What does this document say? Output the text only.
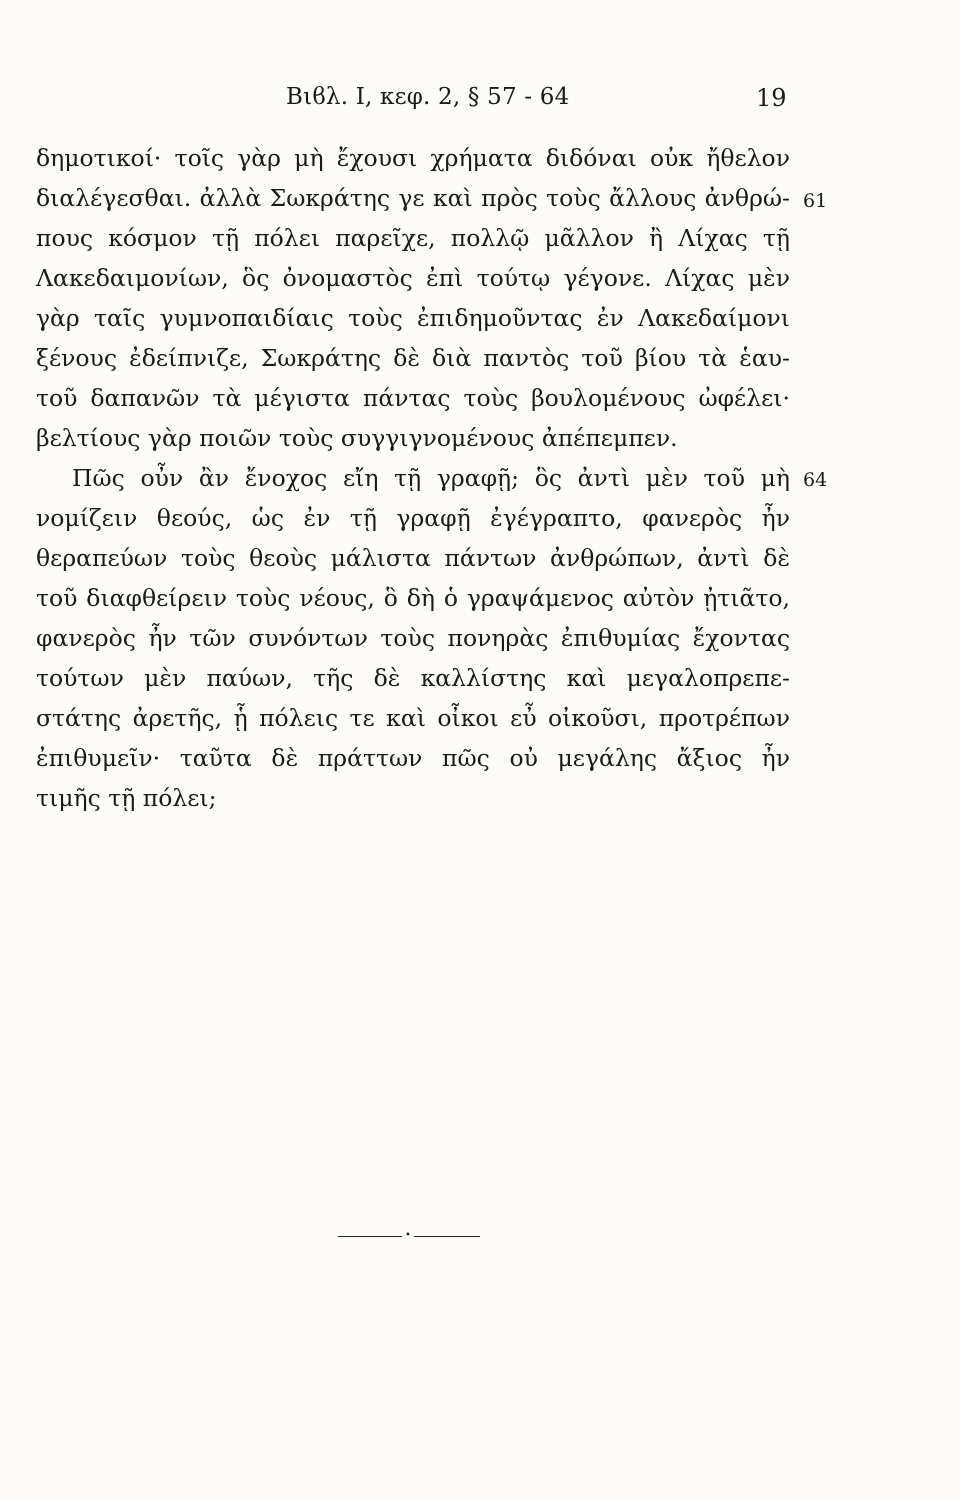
Βιϐλ. I, κεφ. 2, § 57 - 64	19
δημοτικοί· τοῖς γὰρ μὴ ἔχουσι χρήματα διδόναι οὐκ ἤθελον
διαλέγεσθαι. ἀλλὰ Σωκράτης γε καὶ πρὸς τοὺς ἄλλους ἀνθρώ- 61
πους κόσμον τῇ πόλει παρεῖχε, πολλῷ μᾶλλον ἢ Λίχας τῇ
Λακεδαιμονίων, ὃς ὀνομαστὸς ἐπὶ τούτῳ γέγονε. Λίχας μὲν
γὰρ ταῖς γυμνοπαιδίαις τοὺς ἐπιδημοῦντας ἐν Λακεδαίμονι
ξένους ἐδείπνιζε, Σωκράτης δὲ διὰ παντὸς τοῦ βίου τὰ ἑαυ-
τοῦ δαπανῶν τὰ μέγιστα πάντας τοὺς βουλομένους ὠφέλει·
βελτίους γὰρ ποιῶν τοὺς συγγιγνομένους ἀπέπεμπεν.
Πῶς οὖν ἂν ἔνοχος εἴη τῇ γραφῇ; ὃς ἀντὶ μὲν τοῦ μὴ 64
νομίζειν θεούς, ὡς ἐν τῇ γραφῇ ἐγέγραπτο, φανερὸς ἦν
θεραπεύων τοὺς θεοὺς μάλιστα πάντων ἀνθρώπων, ἀντὶ δὲ
τοῦ διαφθείρειν τοὺς νέους, ὃ δὴ ὁ γραψάμενος αὐτὸν ᾐτιᾶτο,
φανερὸς ἦν τῶν συνόντων τοὺς πονηρὰς ἐπιθυμίας ἔχοντας
τούτων μὲν παύων, τῆς δὲ καλλίστης καὶ μεγαλοπρεπε-
στάτης ἀρετῆς, ᾗ πόλεις τε καὶ οἶκοι εὖ οἰκοῦσι, προτρέπων
ἐπιθυμεῖν· ταῦτα δὲ πράττων πῶς οὐ μεγάλης ἄξιος ἦν
τιμῆς τῇ πόλει;
•
